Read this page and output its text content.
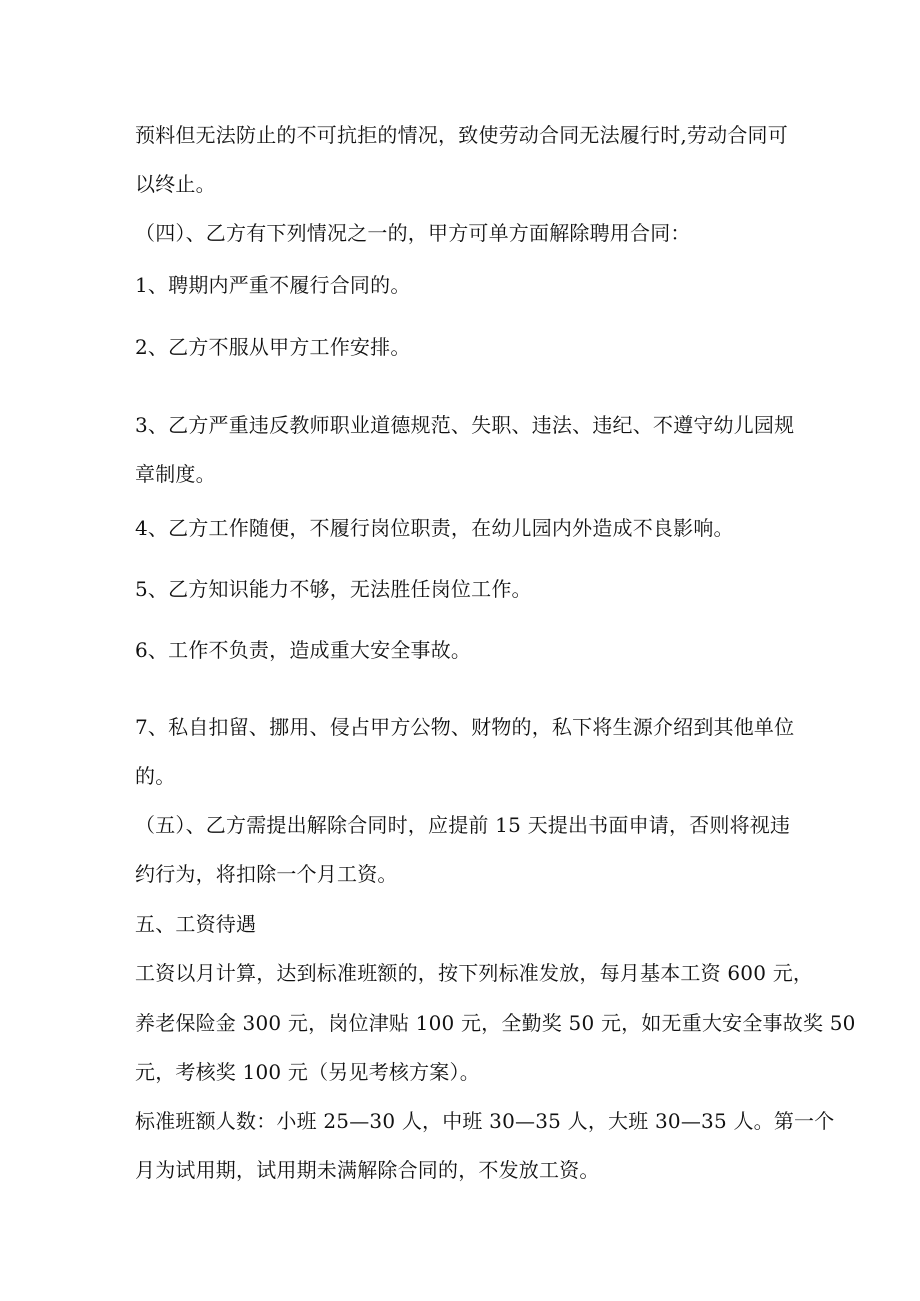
预料但无法防止的不可抗拒的情况，致使劳动合同无法履行时,劳动合同可
以终止。
（四）、乙方有下列情况之一的，甲方可单方面解除聘用合同：
1、聘期内严重不履行合同的。
2、乙方不服从甲方工作安排。
3、乙方严重违反教师职业道德规范、失职、违法、违纪、不遵守幼儿园规
章制度。
4、乙方工作随便，不履行岗位职责，在幼儿园内外造成不良影响。
5、乙方知识能力不够，无法胜任岗位工作。
6、工作不负责，造成重大安全事故。
7、私自扣留、挪用、侵占甲方公物、财物的，私下将生源介绍到其他单位
的。
（五）、乙方需提出解除合同时，应提前 15 天提出书面申请，否则将视违
约行为，将扣除一个月工资。
五、工资待遇
工资以月计算，达到标准班额的，按下列标准发放，每月基本工资 600 元，
养老保险金 300 元，岗位津贴 100 元，全勤奖 50 元，如无重大安全事故奖 50
元，考核奖 100 元（另见考核方案）。
标准班额人数：小班 25—30 人，中班 30—35 人，大班 30—35 人。第一个
月为试用期，试用期未满解除合同的，不发放工资。
